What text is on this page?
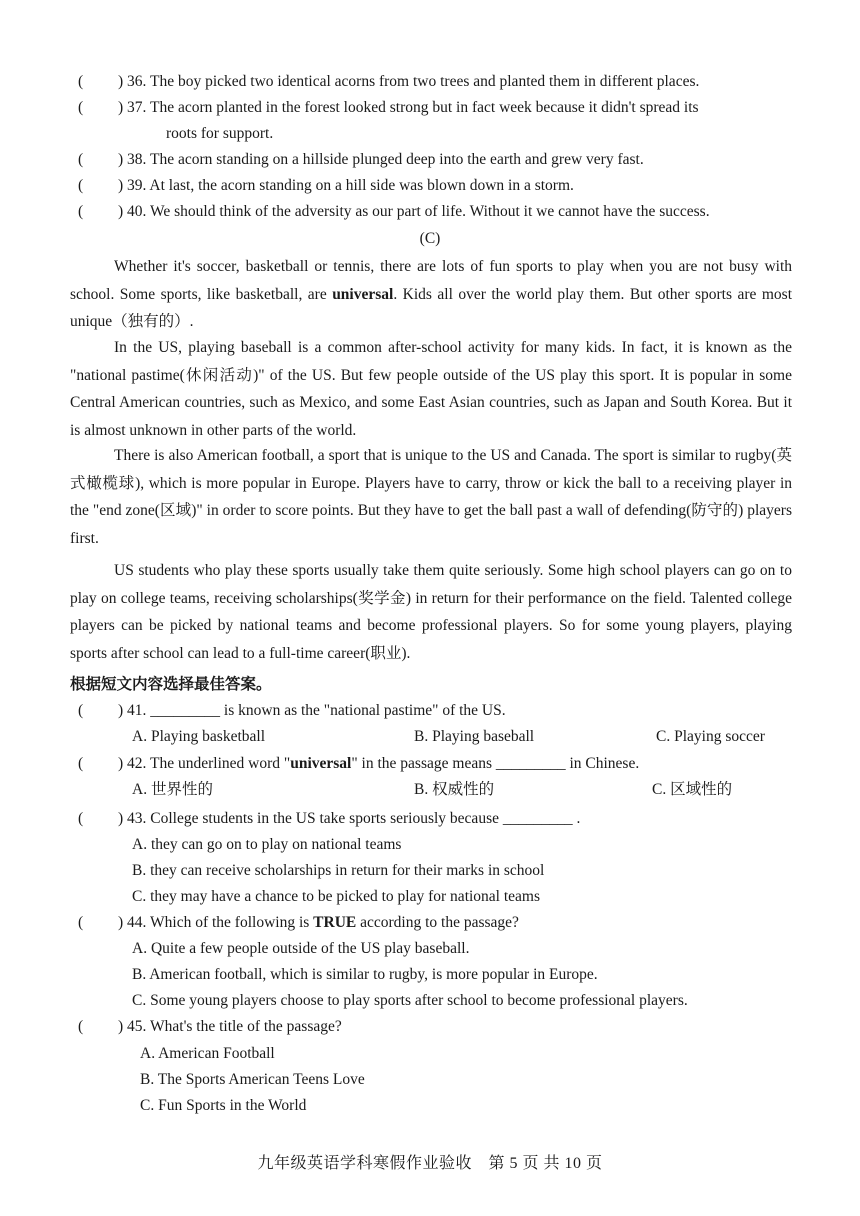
( ) 36. The boy picked two identical acorns from two trees and planted them in different places.
( ) 37. The acorn planted in the forest looked strong but in fact week because it didn't spread its
roots for support.
( ) 38. The acorn standing on a hillside plunged deep into the earth and grew very fast.
( ) 39. At last, the acorn standing on a hill side was blown down in a storm.
( ) 40. We should think of the adversity as our part of life. Without it we cannot have the success.
(C)
Whether it's soccer, basketball or tennis, there are lots of fun sports to play when you are not busy with school. Some sports, like basketball, are universal. Kids all over the world play them. But other sports are most unique（独有的）.
In the US, playing baseball is a common after-school activity for many kids. In fact, it is known as the "national pastime(休闲活动)" of the US. But few people outside of the US play this sport. It is popular in some Central American countries, such as Mexico, and some East Asian countries, such as Japan and South Korea. But it is almost unknown in other parts of the world.
There is also American football, a sport that is unique to the US and Canada. The sport is similar to rugby(英式橄榄球), which is more popular in Europe. Players have to carry, throw or kick the ball to a receiving player in the "end zone(区域)" in order to score points. But they have to get the ball past a wall of defending(防守的) players first.
US students who play these sports usually take them quite seriously. Some high school players can go on to play on college teams, receiving scholarships(奖学金) in return for their performance on the field. Talented college players can be picked by national teams and become professional players. So for some young players, playing sports after school can lead to a full-time career(职业).
根据短文内容选择最佳答案。
( ) 41. _________ is known as the "national pastime" of the US.
A. Playing basketball	B. Playing baseball	C. Playing soccer
( ) 42. The underlined word "universal" in the passage means _________ in Chinese.
A. 世界性的	B. 权威性的	C. 区域性的
( ) 43. College students in the US take sports seriously because _________ .
A. they can go on to play on national teams
B. they can receive scholarships in return for their marks in school
C. they may have a chance to be picked to play for national teams
( ) 44. Which of the following is TRUE according to the passage?
A. Quite a few people outside of the US play baseball.
B. American football, which is similar to rugby, is more popular in Europe.
C. Some young players choose to play sports after school to become professional players.
( ) 45. What's the title of the passage?
A. American Football
B. The Sports American Teens Love
C. Fun Sports in the World
九年级英语学科寒假作业验收　第 5 页 共 10 页
